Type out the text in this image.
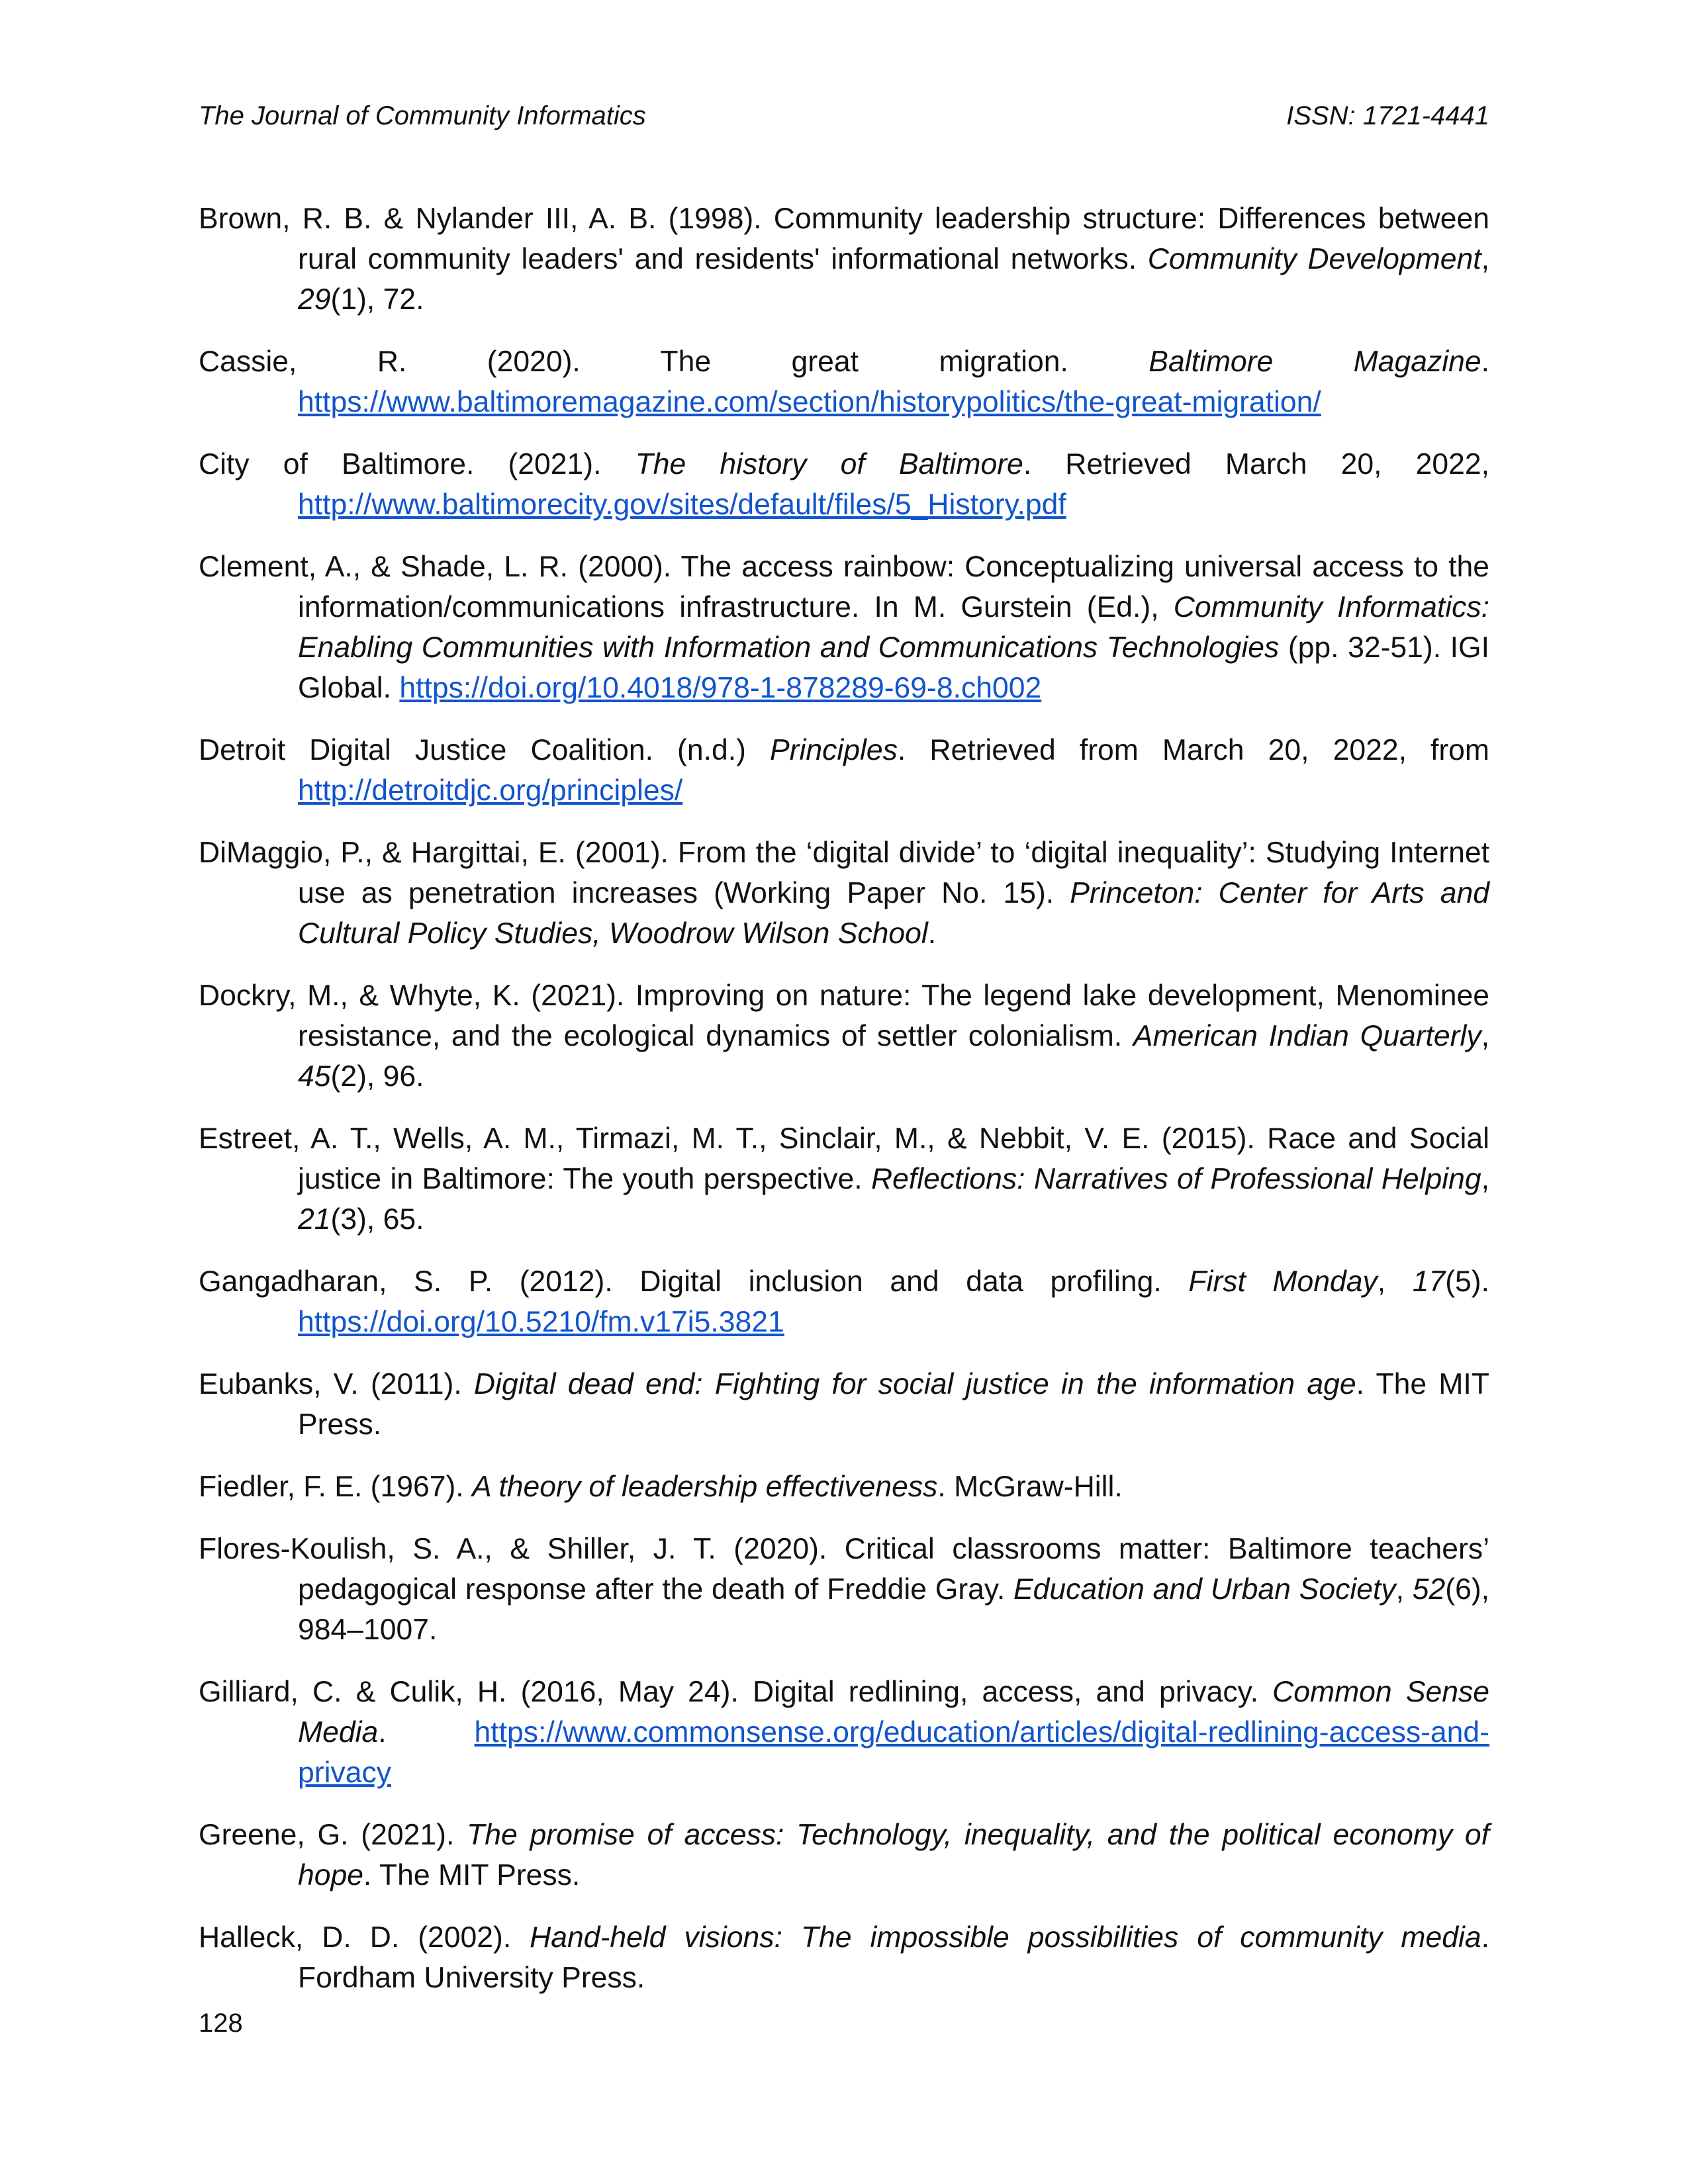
The Journal of Community Informatics	ISSN: 1721-4441

Brown, R. B. & Nylander III, A. B. (1998). Community leadership structure: Differences between rural community leaders' and residents' informational networks. Community Development, 29(1), 72.

Cassie, R. (2020). The great migration. Baltimore Magazine. https://www.baltimoremagazine.com/section/historypolitics/the-great-migration/

City of Baltimore. (2021). The history of Baltimore. Retrieved March 20, 2022, http://www.baltimorecity.gov/sites/default/files/5_History.pdf

Clement, A., & Shade, L. R. (2000). The access rainbow: Conceptualizing universal access to the information/communications infrastructure. In M. Gurstein (Ed.), Community Informatics: Enabling Communities with Information and Communications Technologies (pp. 32-51). IGI Global. https://doi.org/10.4018/978-1-878289-69-8.ch002

Detroit Digital Justice Coalition. (n.d.) Principles. Retrieved from March 20, 2022, from http://detroitdjc.org/principles/

DiMaggio, P., & Hargittai, E. (2001). From the ‘digital divide’ to ‘digital inequality’: Studying Internet use as penetration increases (Working Paper No. 15). Princeton: Center for Arts and Cultural Policy Studies, Woodrow Wilson School.

Dockry, M., & Whyte, K. (2021). Improving on nature: The legend lake development, Menominee resistance, and the ecological dynamics of settler colonialism. American Indian Quarterly, 45(2), 96.

Estreet, A. T., Wells, A. M., Tirmazi, M. T., Sinclair, M., & Nebbit, V. E. (2015). Race and Social justice in Baltimore: The youth perspective. Reflections: Narratives of Professional Helping, 21(3), 65.

Gangadharan, S. P. (2012). Digital inclusion and data profiling. First Monday, 17(5). https://doi.org/10.5210/fm.v17i5.3821

Eubanks, V. (2011). Digital dead end: Fighting for social justice in the information age. The MIT Press.

Fiedler, F. E. (1967). A theory of leadership effectiveness. McGraw-Hill.

Flores-Koulish, S. A., & Shiller, J. T. (2020). Critical classrooms matter: Baltimore teachers’ pedagogical response after the death of Freddie Gray. Education and Urban Society, 52(6), 984–1007.

Gilliard, C. & Culik, H. (2016, May 24). Digital redlining, access, and privacy. Common Sense Media. https://www.commonsense.org/education/articles/digital-redlining-access-and-privacy

Greene, G. (2021). The promise of access: Technology, inequality, and the political economy of hope. The MIT Press.

Halleck, D. D. (2002). Hand-held visions: The impossible possibilities of community media. Fordham University Press.

128
